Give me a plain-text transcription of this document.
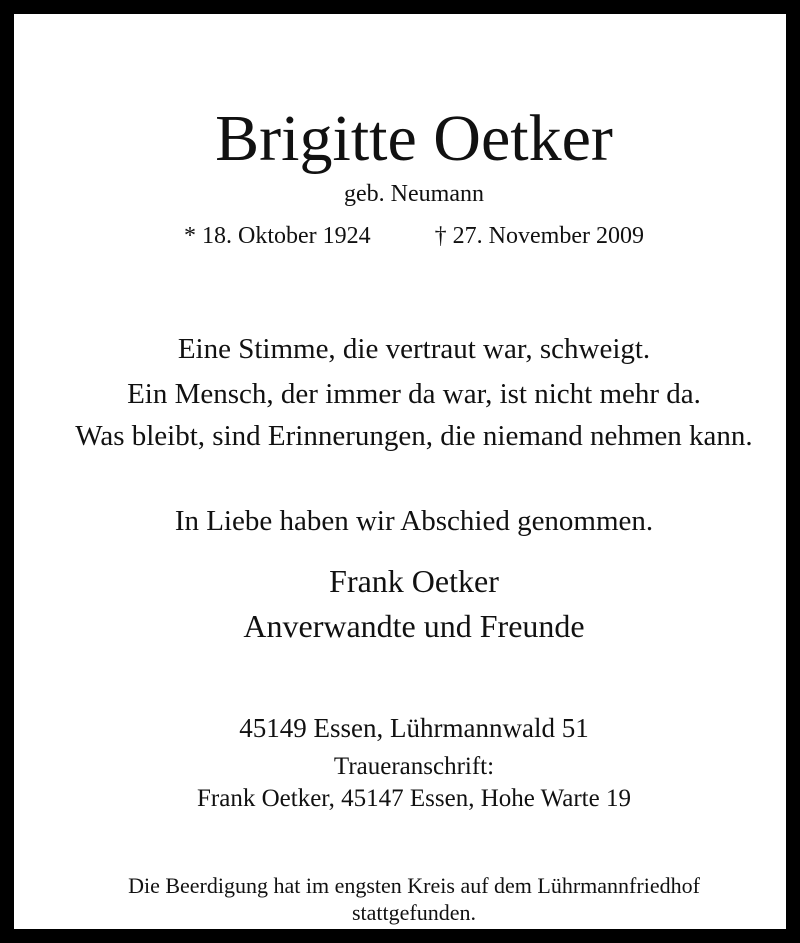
Brigitte Oetker
geb. Neumann
* 18. Oktober 1924	† 27. November 2009
Eine Stimme, die vertraut war, schweigt.
Ein Mensch, der immer da war, ist nicht mehr da.
Was bleibt, sind Erinnerungen, die niemand nehmen kann.
In Liebe haben wir Abschied genommen.
Frank Oetker
Anverwandte und Freunde
45149 Essen, Lührmannwald 51
Traueranschrift:
Frank Oetker, 45147 Essen, Hohe Warte 19
Die Beerdigung hat im engsten Kreis auf dem Lührmannfriedhof
stattgefunden.
